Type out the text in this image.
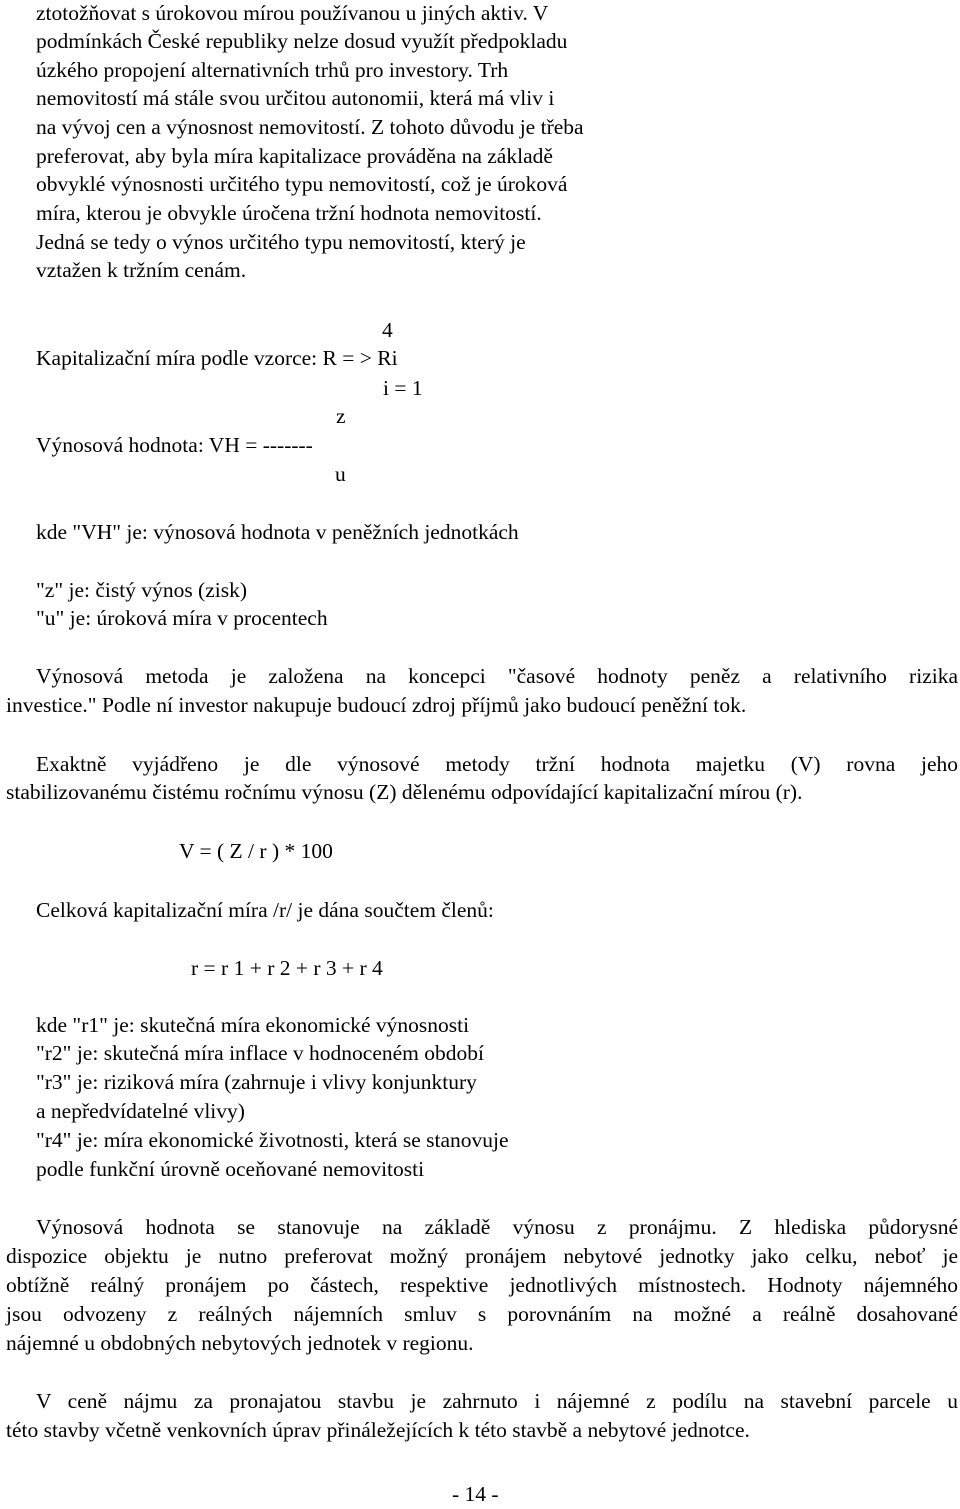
ztotožňovat s úrokovou mírou používanou u jiných aktiv. V
podmínkách České republiky nelze dosud využít předpokladu
úzkého propojení alternativních trhů pro investory. Trh
nemovitostí má stále svou určitou autonomii, která má vliv i
na vývoj cen a výnosnost nemovitostí. Z tohoto důvodu je třeba
preferovat, aby byla míra kapitalizace prováděna na základě
obvyklé výnosnosti určitého typu nemovitostí, což je úroková
míra, kterou je obvykle úročena tržní hodnota nemovitostí.
Jedná se tedy o výnos určitého typu nemovitostí, který je
vztažen k tržním cenám.
4
Kapitalizační míra podle vzorce: R = > Ri
i = 1
z
Výnosová hodnota: VH = -------
u
kde "VH" je: výnosová hodnota v peněžních jednotkách
"z" je: čistý výnos (zisk)
"u" je: úroková míra v procentech
Výnosová metoda je založena na koncepci "časové hodnoty peněz a relativního rizika
investice." Podle ní investor nakupuje budoucí zdroj příjmů jako budoucí peněžní tok.
Exaktně vyjádřeno je dle výnosové metody tržní hodnota majetku (V) rovna jeho
stabilizovanému čistému ročnímu výnosu (Z) dělenému odpovídající kapitalizační mírou (r).
V = ( Z / r ) * 100
Celková kapitalizační míra /r/ je dána součtem členů:
r = r 1 + r 2 + r 3 + r 4
kde "r1" je: skutečná míra ekonomické výnosnosti
"r2" je: skutečná míra inflace v hodnoceném období
"r3" je: riziková míra (zahrnuje i vlivy konjunktury
a nepředvídatelné vlivy)
"r4" je: míra ekonomické životnosti, která se stanovuje
podle funkční úrovně oceňované nemovitosti
Výnosová hodnota se stanovuje na základě výnosu z pronájmu. Z hlediska půdorysné
dispozice objektu je nutno preferovat možný pronájem nebytové jednotky jako celku, neboť je
obtížně reálný pronájem po částech, respektive jednotlivých místnostech. Hodnoty nájemného
jsou odvozeny z reálných nájemních smluv s porovnáním na možné a reálně dosahované
nájemné u obdobných nebytových jednotek v regionu.
V ceně nájmu za pronajatou stavbu je zahrnuto i nájemné z podílu na stavební parcele u
této stavby včetně venkovních úprav přináležejících k této stavbě a nebytové jednotce.
- 14 -
